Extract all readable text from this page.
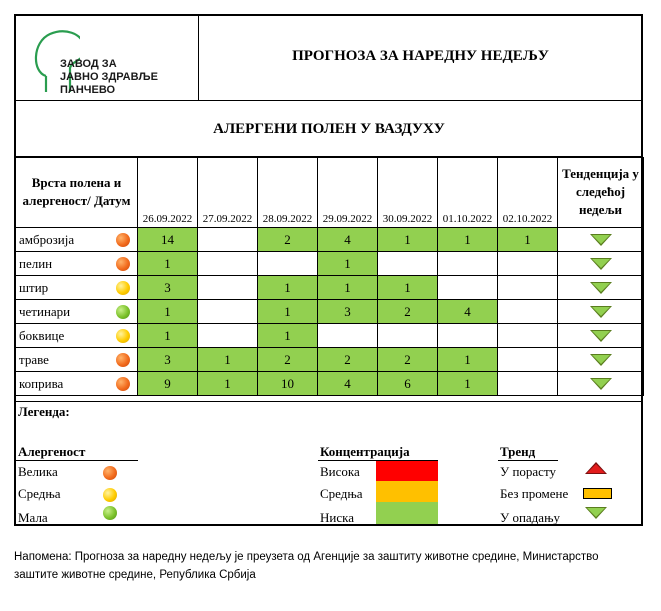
ЗАВОД ЗА
ЈАВНО ЗДРАВЉЕ
ПАНЧЕВО
ПРОГНОЗА ЗА НАРЕДНУ НЕДЕЉУ
АЛЕРГЕНИ ПОЛЕН У ВАЗДУХУ
Врста полена и алергеност/ Датум	26.09.2022	27.09.2022	28.09.2022	29.09.2022	30.09.2022	01.10.2022	02.10.2022	Тенденција у следећој недељи
амброзија	14		2	4	1	1	1	

пелин	1			1				

штир	3		1	1	1			

четинари	1		1	3	2	4		

боквице	1		1					

траве	3	1	2	2	2	1		

коприва	9	1	10	4	6	1		
Легенда:
Алергеност
Велика
Средња
Мала
Концентрација
Висока
Средња
Ниска
Тренд
У порасту
Без промене
У опадању
Напомена: Прогноза за наредну недељу је преузета од Агенције за заштиту животне средине, Министарство заштите животне средине, Република Србија
